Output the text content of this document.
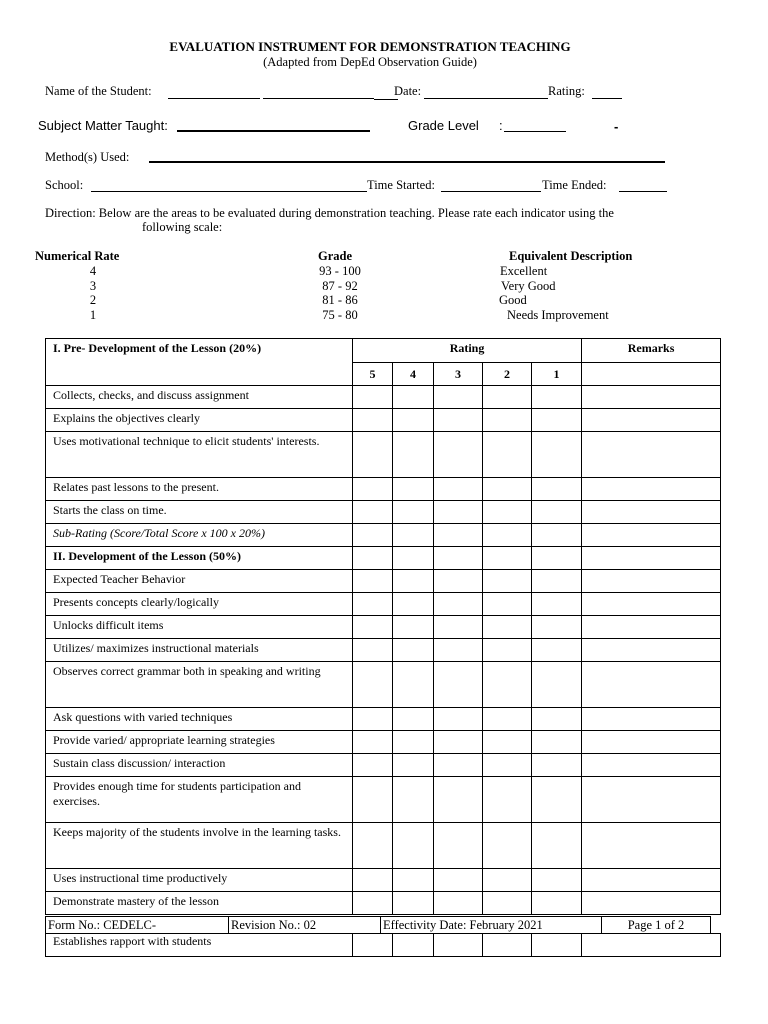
EVALUATION INSTRUMENT FOR DEMONSTRATION TEACHING
(Adapted from DepEd Observation Guide)
Name of the Student:	Date:	Rating:
Subject Matter Taught:	Grade Level :	-
Method(s) Used:
School:	Time Started:	Time Ended:
Direction: Below are the areas to be evaluated during demonstration teaching. Please rate each indicator using the
following scale:
Numerical Rate	Grade	Equivalent Description
4	93 - 100	Excellent
3	87 - 92	Very Good
2	81 - 86	Good
1	75 - 80	Needs Improvement
I. Pre- Development of the Lesson (20%)	Rating					Remarks
	5	4	3	2	1	
Collects, checks, and discuss assignment						
Explains the objectives clearly						
Uses motivational technique to elicit students' interests.						
Relates past lessons to the present.						
Starts the class on time.						
Sub-Rating (Score/Total Score x 100 x 20%)						
II. Development of the Lesson (50%)						
Expected Teacher Behavior						
Presents concepts clearly/logically						
Unlocks difficult items						
Utilizes/ maximizes instructional materials						
Observes correct grammar both in speaking and writing						
Ask questions with varied techniques						
Provide varied/ appropriate learning strategies						
Sustain class discussion/ interaction						
Provides enough time for students participation and exercises.						
Keeps majority of the students involve in the learning tasks.						
Uses instructional time productively						
Demonstrate mastery of the lesson						
Form No.: CEDELC-	Revision No.: 02	Effectivity Date: February 2021	Page 1 of 2
Establishes rapport with students						
